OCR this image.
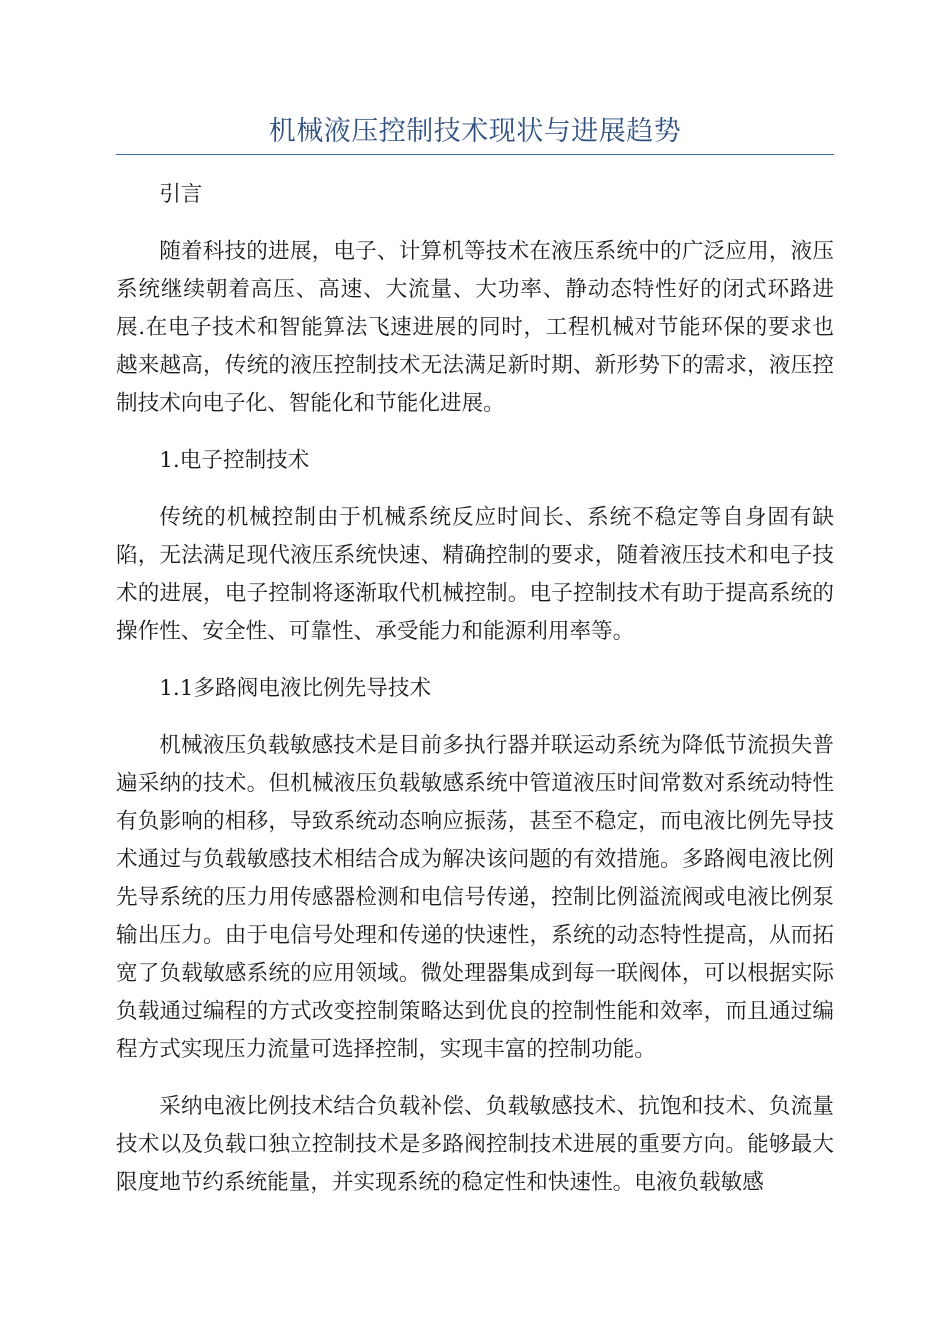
机械液压控制技术现状与进展趋势

引言

随着科技的进展，电子、计算机等技术在液压系统中的广泛应用，液压系统继续朝着高压、高速、大流量、大功率、静动态特性好的闭式环路进展.在电子技术和智能算法飞速进展的同时，工程机械对节能环保的要求也越来越高，传统的液压控制技术无法满足新时期、新形势下的需求，液压控制技术向电子化、智能化和节能化进展。

1.电子控制技术

传统的机械控制由于机械系统反应时间长、系统不稳定等自身固有缺陷，无法满足现代液压系统快速、精确控制的要求，随着液压技术和电子技术的进展，电子控制将逐渐取代机械控制。电子控制技术有助于提高系统的操作性、安全性、可靠性、承受能力和能源利用率等。

1.1多路阀电液比例先导技术

机械液压负载敏感技术是目前多执行器并联运动系统为降低节流损失普遍采纳的技术。但机械液压负载敏感系统中管道液压时间常数对系统动特性有负影响的相移，导致系统动态响应振荡，甚至不稳定，而电液比例先导技术通过与负载敏感技术相结合成为解决该问题的有效措施。多路阀电液比例先导系统的压力用传感器检测和电信号传递，控制比例溢流阀或电液比例泵输出压力。由于电信号处理和传递的快速性，系统的动态特性提高，从而拓宽了负载敏感系统的应用领域。微处理器集成到每一联阀体，可以根据实际负载通过编程的方式改变控制策略达到优良的控制性能和效率，而且通过编程方式实现压力流量可选择控制，实现丰富的控制功能。

采纳电液比例技术结合负载补偿、负载敏感技术、抗饱和技术、负流量技术以及负载口独立控制技术是多路阀控制技术进展的重要方向。能够最大限度地节约系统能量，并实现系统的稳定性和快速性。电液负载敏感
